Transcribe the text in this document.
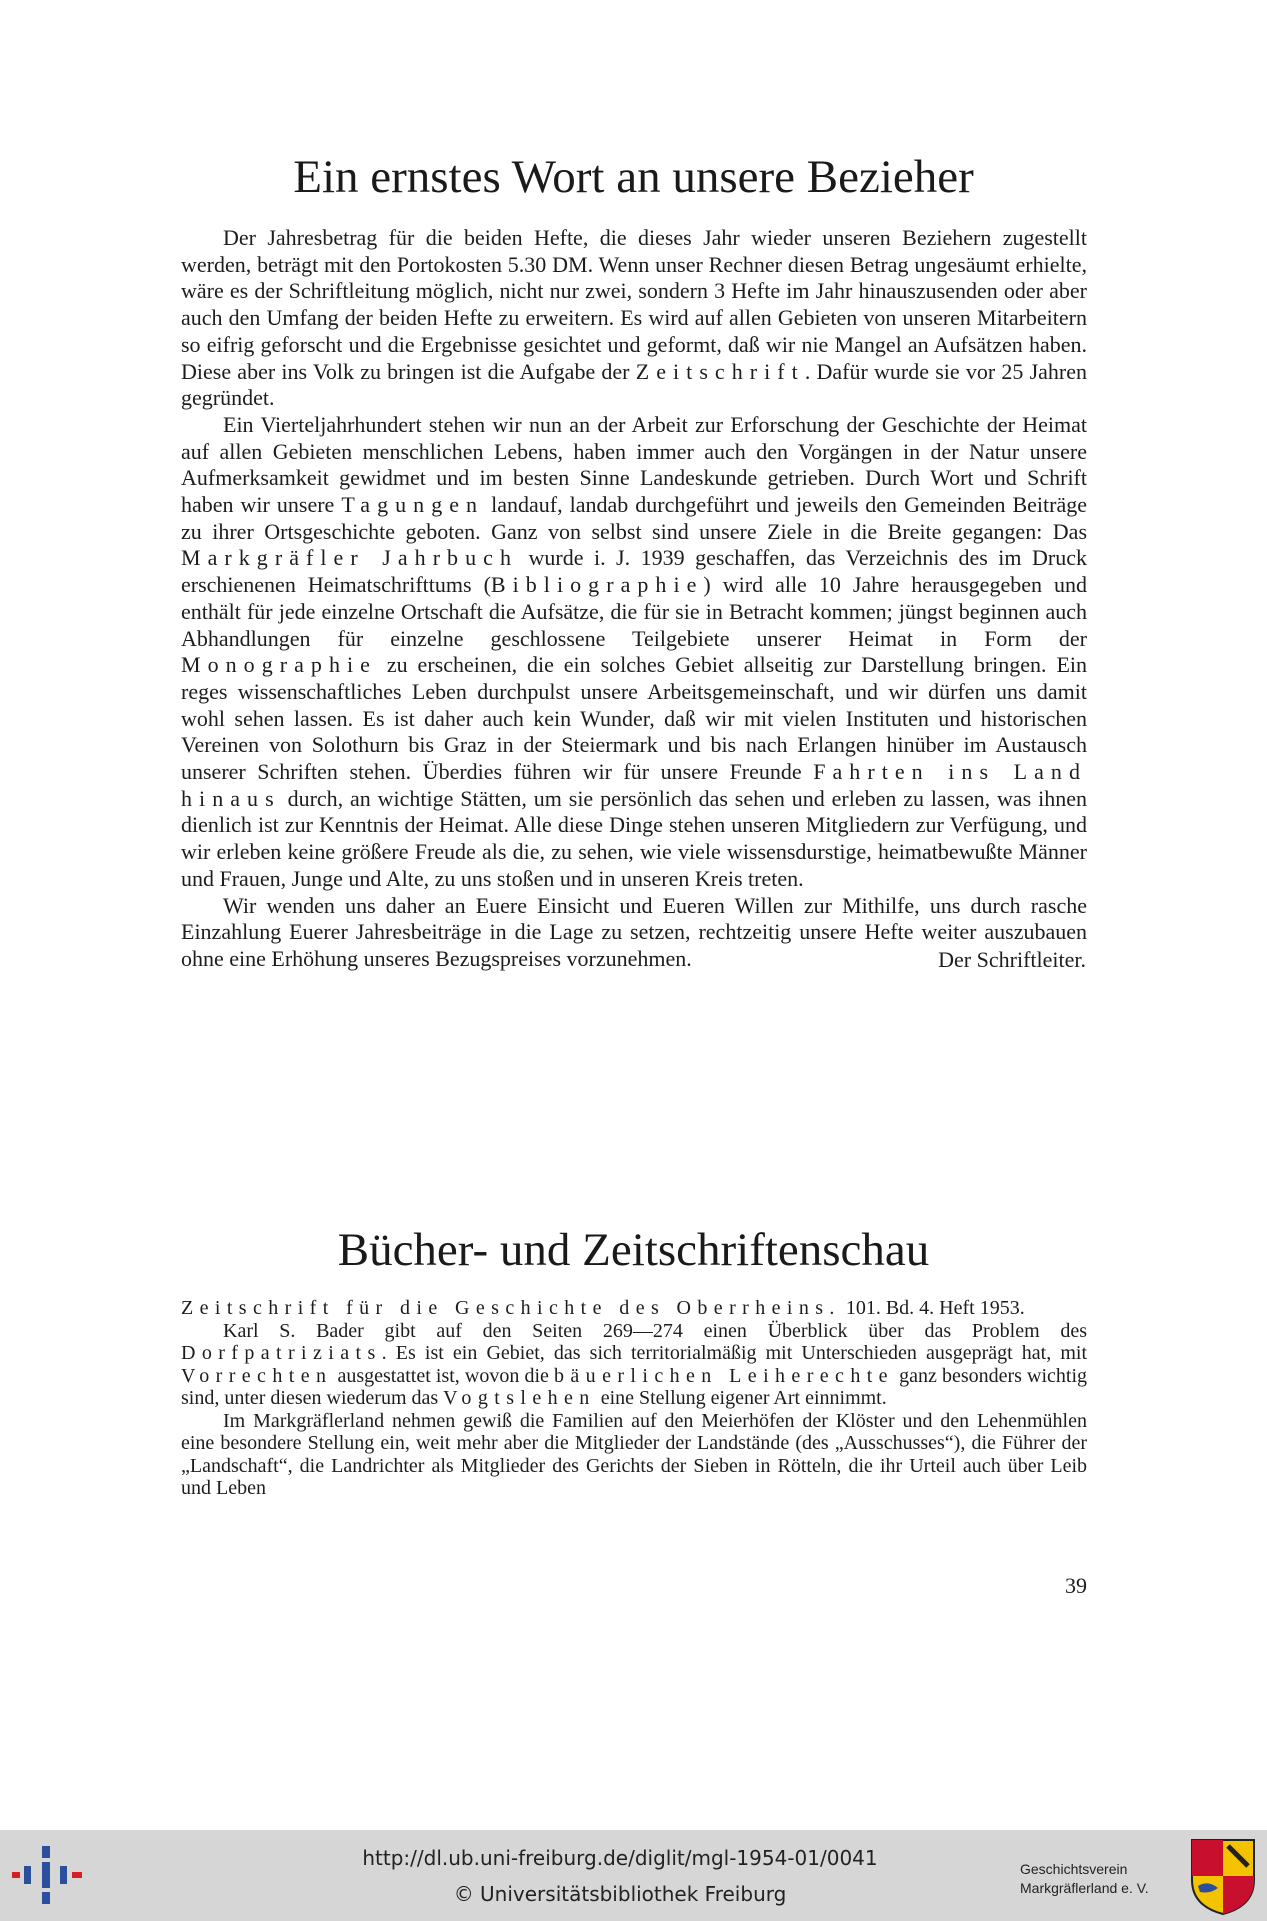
Ein ernstes Wort an unsere Bezieher

Der Jahresbetrag für die beiden Hefte, die dieses Jahr wieder unseren Beziehern zugestellt werden, beträgt mit den Portokosten 5.30 DM. Wenn unser Rechner diesen Betrag ungesäumt erhielte, wäre es der Schriftleitung möglich, nicht nur zwei, sondern 3 Hefte im Jahr hinauszusenden oder aber auch den Umfang der beiden Hefte zu erweitern. Es wird auf allen Gebieten von unseren Mitarbeitern so eifrig geforscht und die Ergebnisse gesichtet und geformt, daß wir nie Mangel an Aufsätzen haben. Diese aber ins Volk zu bringen ist die Aufgabe der Zeitschrift. Dafür wurde sie vor 25 Jahren gegründet.

Ein Vierteljahrhundert stehen wir nun an der Arbeit zur Erforschung der Geschichte der Heimat auf allen Gebieten menschlichen Lebens, haben immer auch den Vorgängen in der Natur unsere Aufmerksamkeit gewidmet und im besten Sinne Landeskunde getrieben. Durch Wort und Schrift haben wir unsere Tagungen landauf, landab durchgeführt und jeweils den Gemeinden Beiträge zu ihrer Ortsgeschichte geboten. Ganz von selbst sind unsere Ziele in die Breite gegangen: Das Markgräfler Jahrbuch wurde i. J. 1939 geschaffen, das Verzeichnis des im Druck erschienenen Heimatschrifttums (Bibliographie) wird alle 10 Jahre herausgegeben und enthält für jede einzelne Ortschaft die Aufsätze, die für sie in Betracht kommen; jüngst beginnen auch Abhandlungen für einzelne geschlossene Teilgebiete unserer Heimat in Form der Monographie zu erscheinen, die ein solches Gebiet allseitig zur Darstellung bringen. Ein reges wissenschaftliches Leben durchpulst unsere Arbeitsgemeinschaft, und wir dürfen uns damit wohl sehen lassen. Es ist daher auch kein Wunder, daß wir mit vielen Instituten und historischen Vereinen von Solothurn bis Graz in der Steiermark und bis nach Erlangen hinüber im Austausch unserer Schriften stehen. Überdies führen wir für unsere Freunde Fahrten ins Land hinaus durch, an wichtige Stätten, um sie persönlich das sehen und erleben zu lassen, was ihnen dienlich ist zur Kenntnis der Heimat. Alle diese Dinge stehen unseren Mitgliedern zur Verfügung, und wir erleben keine größere Freude als die, zu sehen, wie viele wissensdurstige, heimatbewußte Männer und Frauen, Junge und Alte, zu uns stoßen und in unseren Kreis treten.

Wir wenden uns daher an Euere Einsicht und Eueren Willen zur Mithilfe, uns durch rasche Einzahlung Euerer Jahresbeiträge in die Lage zu setzen, rechtzeitig unsere Hefte weiter auszubauen ohne eine Erhöhung unseres Bezugspreises vorzunehmen.	Der Schriftleiter.
Bücher- und Zeitschriftenschau

Zeitschrift für die Geschichte des Oberrheins. 101. Bd. 4. Heft 1953.

Karl S. Bader gibt auf den Seiten 269—274 einen Überblick über das Problem des Dorfpatriziats. Es ist ein Gebiet, das sich territorialmäßig mit Unterschieden ausgeprägt hat, mit Vorrechten ausgestattet ist, wovon die bäuerlichen Leiherechte ganz besonders wichtig sind, unter diesen wiederum das Vogtslehen eine Stellung eigener Art einnimmt.

Im Markgräflerland nehmen gewiß die Familien auf den Meierhöfen der Klöster und den Lehenmühlen eine besondere Stellung ein, weit mehr aber die Mitglieder der Landstände (des „Ausschusses“), die Führer der „Landschaft“, die Landrichter als Mitglieder des Gerichts der Sieben in Rötteln, die ihr Urteil auch über Leib und Leben

39
http://dl.ub.uni-freiburg.de/diglit/mgl-1954-01/0041
© Universitätsbibliothek Freiburg
Geschichtsverein
Markgräflerland e. V.
